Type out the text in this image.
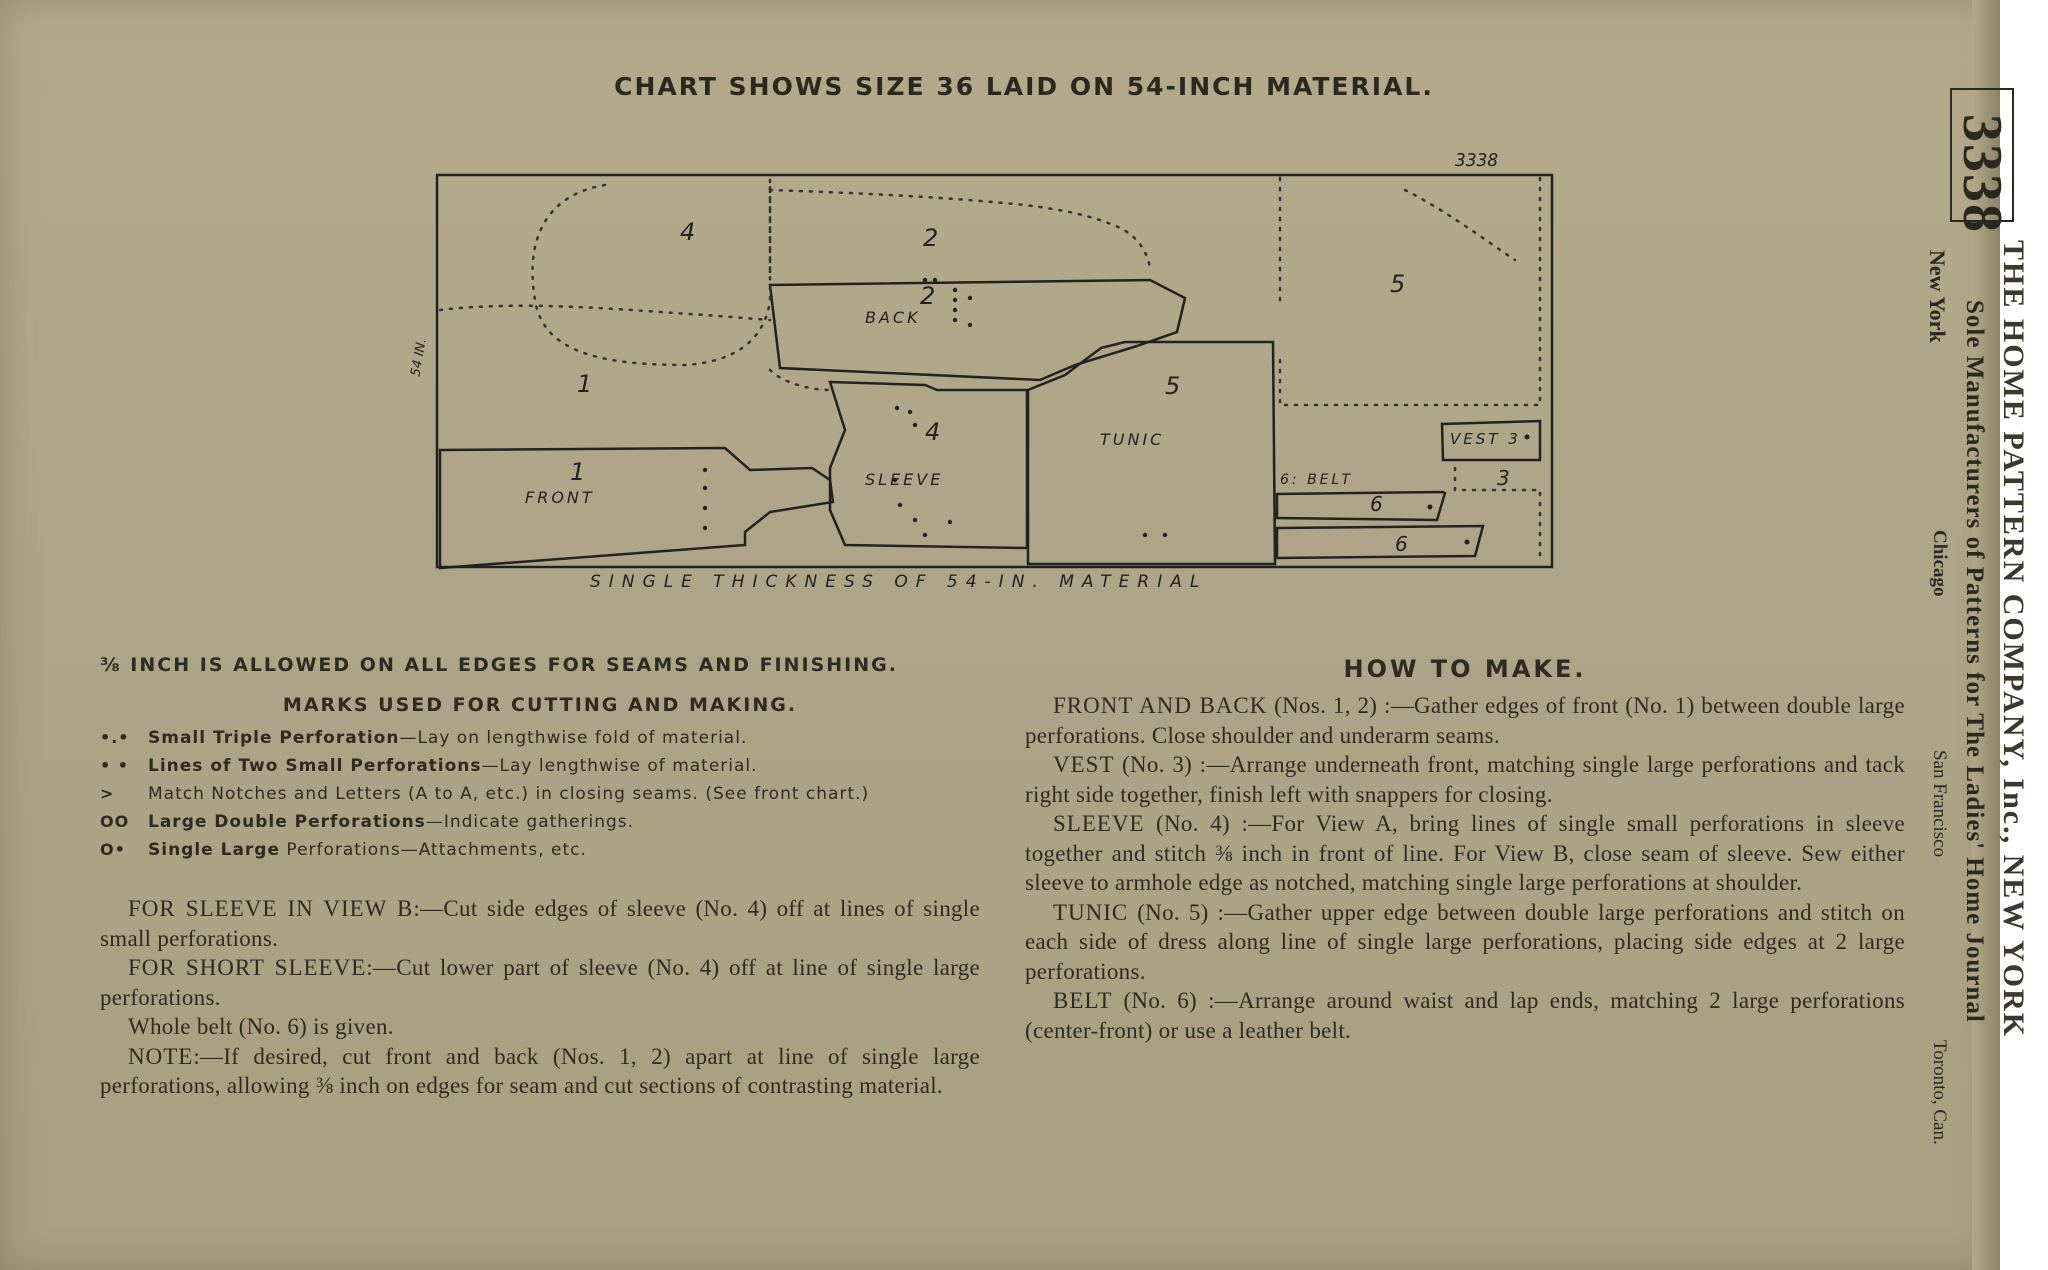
CHART SHOWS SIZE 36 LAID ON 54-INCH MATERIAL.
3338
54 IN.
4	2
2
BACK
5
1
1
FRONT
4
SLEEVE
5
TUNIC	VEST 3
3
6: BELT
6
6
SINGLE THICKNESS OF 54-IN. MATERIAL

⅜ INCH IS ALLOWED ON ALL EDGES FOR SEAMS AND FINISHING.

MARKS USED FOR CUTTING AND MAKING.
•.•	Small Triple Perforation—Lay on lengthwise fold of material.
• •	Lines of Two Small Perforations—Lay lengthwise of material.
>	Match Notches and Letters (A to A, etc.) in closing seams. (See front chart.)
OO	Large Double Perforations—Indicate gatherings.
O•	Single Large Perforations—Attachments, etc.

FOR SLEEVE IN VIEW B:—Cut side edges of sleeve (No. 4) off at lines of single small perforations.

FOR SHORT SLEEVE:—Cut lower part of sleeve (No. 4) off at line of single large perforations.

Whole belt (No. 6) is given.

NOTE:—If desired, cut front and back (Nos. 1, 2) apart at line of single large perforations, allowing ⅜ inch on edges for seam and cut sections of contrasting material.

HOW TO MAKE.

FRONT AND BACK (Nos. 1, 2) :—Gather edges of front (No. 1) between double large perforations. Close shoulder and underarm seams.

VEST (No. 3) :—Arrange underneath front, matching single large perforations and tack right side together, finish left with snappers for closing.

SLEEVE (No. 4) :—For View A, bring lines of single small perforations in sleeve together and stitch ⅜ inch in front of line. For View B, close seam of sleeve. Sew either sleeve to armhole edge as notched, matching single large perforations at shoulder.

TUNIC (No. 5) :—Gather upper edge between double large perforations and stitch on each side of dress along line of single large perforations, placing side edges at 2 large perforations.

BELT (No. 6) :—Arrange around waist and lap ends, matching 2 large perforations (center-front) or use a leather belt.

3338
THE HOME PATTERN COMPANY, Inc., NEW YORK
Sole Manufacturers of Patterns for The Ladies' Home Journal
New York
Chicago
San Francisco
Toronto, Can.
